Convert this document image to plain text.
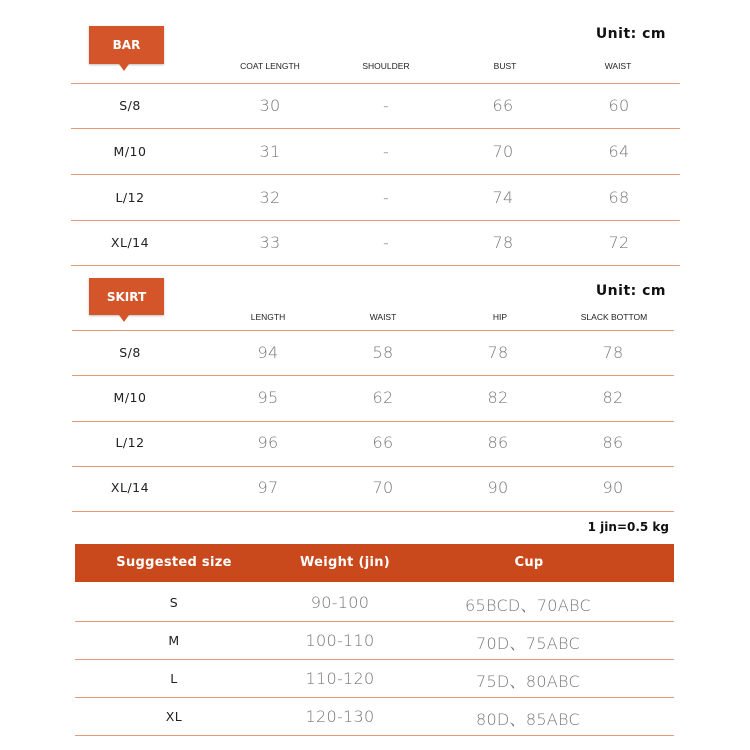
BAR
Unit: cm
COAT LENGTH	SHOULDER	BUST	WAIST
S/8	30	-	66	60
M/10	31	-	70	64
L/12	32	-	74	68
XL/14	33	-	78	72
SKIRT	Unit: cm
LENGTH	WAIST	HIP	SLACK BOTTOM
S/8	94	58	78	78
M/10	95	62	82	82
L/12	96	66	86	86
XL/14	97	70	90	90
1 jin=0.5 kg
Suggested size	Weight (jin)	Cup
S	90-100	65BCD、70ABC
M	100-110	70D、75ABC
L	110-120	75D、80ABC
XL	120-130	80D、85ABC
